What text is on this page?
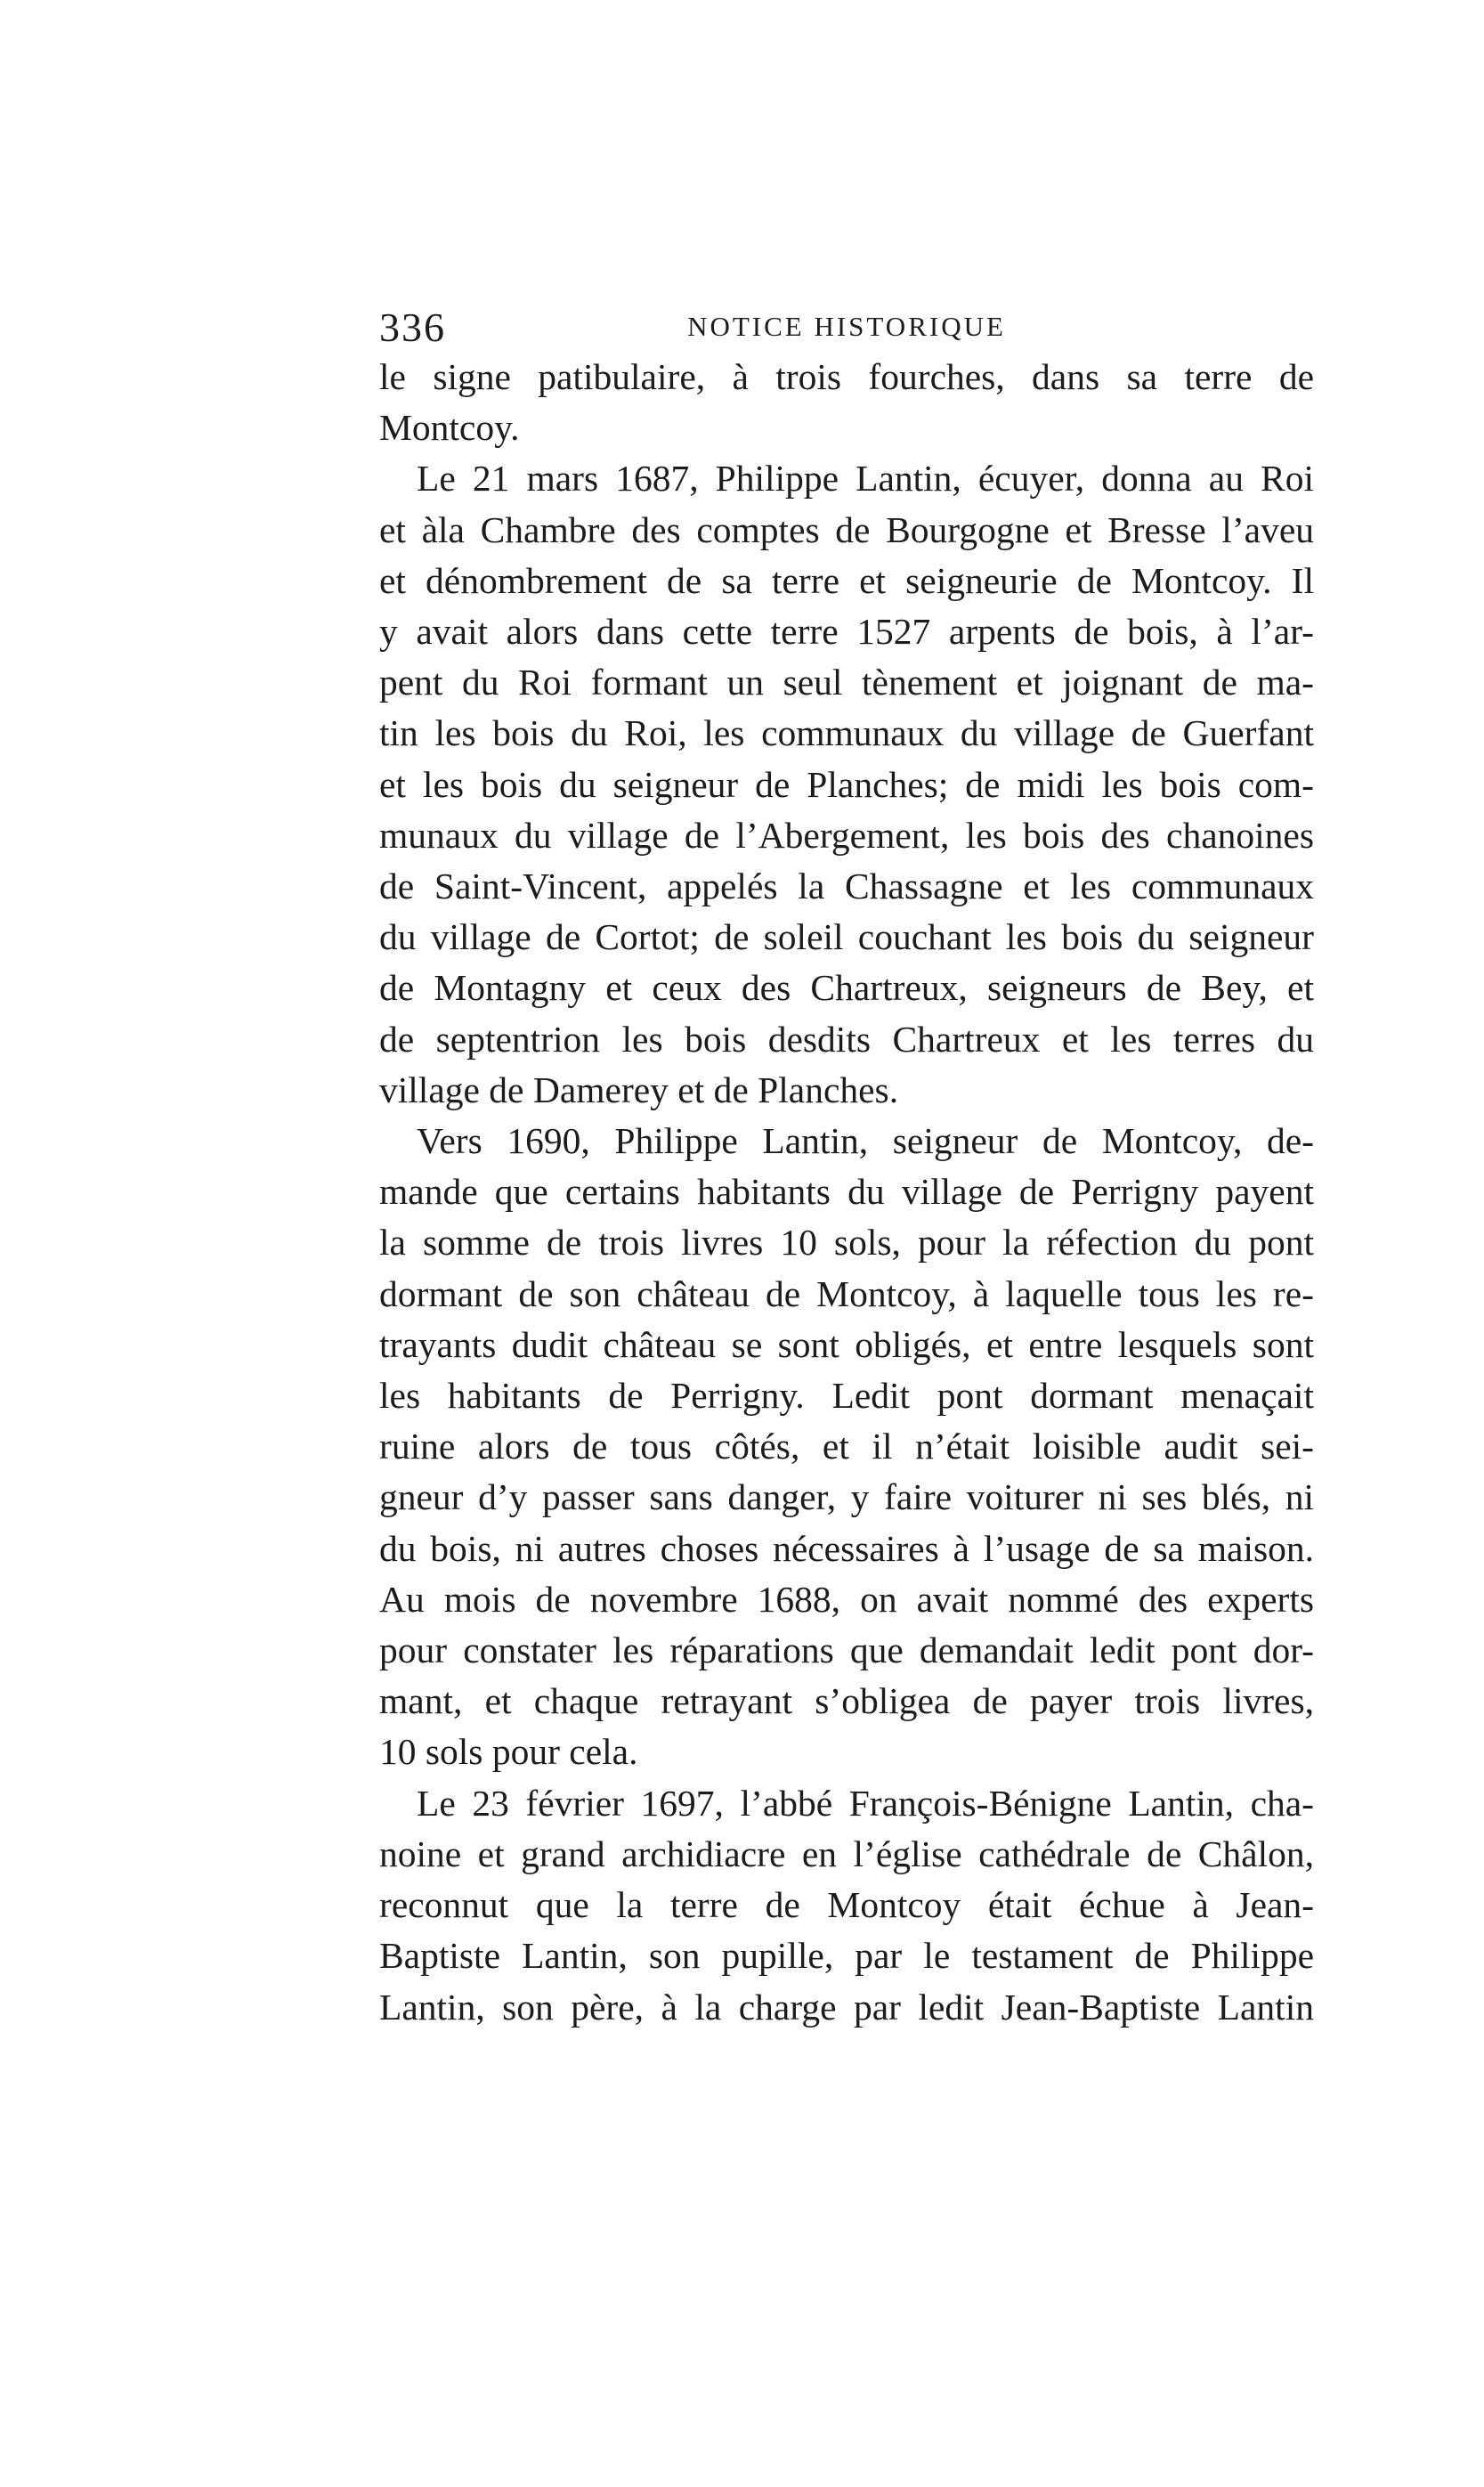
336	NOTICE HISTORIQUE
le signe patibulaire, à trois fourches, dans sa terre de
Montcoy.
Le 21 mars 1687, Philippe Lantin, écuyer, donna au Roi
et àla Chambre des comptes de Bourgogne et Bresse l’aveu
et dénombrement de sa terre et seigneurie de Montcoy. Il
y avait alors dans cette terre 1527 arpents de bois, à l’ar-
pent du Roi formant un seul tènement et joignant de ma-
tin les bois du Roi, les communaux du village de Guerfant
et les bois du seigneur de Planches; de midi les bois com-
munaux du village de l’Abergement, les bois des chanoines
de Saint-Vincent, appelés la Chassagne et les communaux
du village de Cortot; de soleil couchant les bois du seigneur
de Montagny et ceux des Chartreux, seigneurs de Bey, et
de septentrion les bois desdits Chartreux et les terres du
village de Damerey et de Planches.
Vers 1690, Philippe Lantin, seigneur de Montcoy, de-
mande que certains habitants du village de Perrigny payent
la somme de trois livres 10 sols, pour la réfection du pont
dormant de son château de Montcoy, à laquelle tous les re-
trayants dudit château se sont obligés, et entre lesquels sont
les habitants de Perrigny. Ledit pont dormant menaçait
ruine alors de tous côtés, et il n’était loisible audit sei-
gneur d’y passer sans danger, y faire voiturer ni ses blés, ni
du bois, ni autres choses nécessaires à l’usage de sa maison.
Au mois de novembre 1688, on avait nommé des experts
pour constater les réparations que demandait ledit pont dor-
mant, et chaque retrayant s’obligea de payer trois livres,
10 sols pour cela.
Le 23 février 1697, l’abbé François-Bénigne Lantin, cha-
noine et grand archidiacre en l’église cathédrale de Châlon,
reconnut que la terre de Montcoy était échue à Jean-
Baptiste Lantin, son pupille, par le testament de Philippe
Lantin, son père, à la charge par ledit Jean-Baptiste Lantin
